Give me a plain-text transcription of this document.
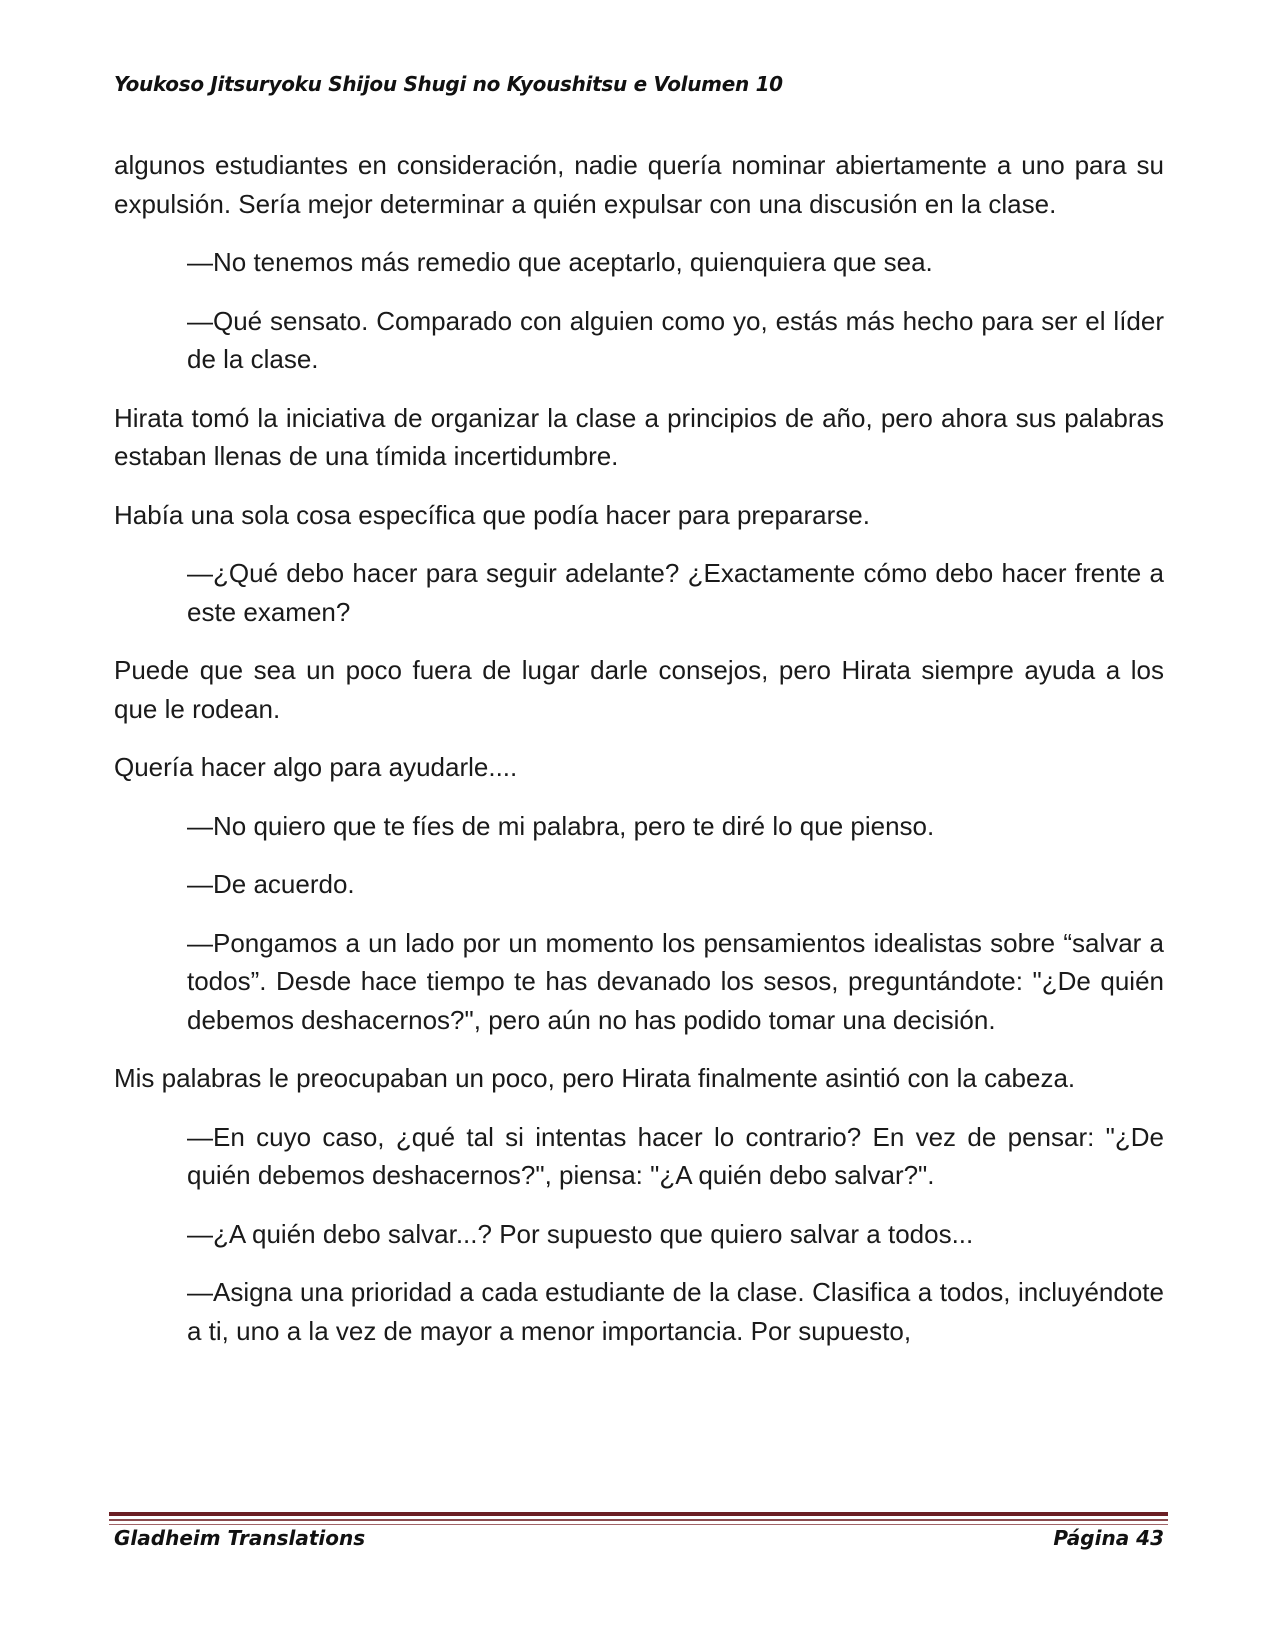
Youkoso Jitsuryoku Shijou Shugi no Kyoushitsu e Volumen 10

algunos estudiantes en consideración, nadie quería nominar abiertamente a uno para su expulsión. Sería mejor determinar a quién expulsar con una discusión en la clase.

—No tenemos más remedio que aceptarlo, quienquiera que sea.

—Qué sensato. Comparado con alguien como yo, estás más hecho para ser el líder de la clase.

Hirata tomó la iniciativa de organizar la clase a principios de año, pero ahora sus palabras estaban llenas de una tímida incertidumbre.

Había una sola cosa específica que podía hacer para prepararse.

—¿Qué debo hacer para seguir adelante? ¿Exactamente cómo debo hacer frente a este examen?

Puede que sea un poco fuera de lugar darle consejos, pero Hirata siempre ayuda a los que le rodean.

Quería hacer algo para ayudarle....

—No quiero que te fíes de mi palabra, pero te diré lo que pienso.

—De acuerdo.

—Pongamos a un lado por un momento los pensamientos idealistas sobre “salvar a todos”. Desde hace tiempo te has devanado los sesos, preguntándote: "¿De quién debemos deshacernos?", pero aún no has podido tomar una decisión.

Mis palabras le preocupaban un poco, pero Hirata finalmente asintió con la cabeza.

—En cuyo caso, ¿qué tal si intentas hacer lo contrario? En vez de pensar: "¿De quién debemos deshacernos?", piensa: "¿A quién debo salvar?".

—¿A quién debo salvar...? Por supuesto que quiero salvar a todos...

—Asigna una prioridad a cada estudiante de la clase. Clasifica a todos, incluyéndote a ti, uno a la vez de mayor a menor importancia. Por supuesto,

Gladheim Translations	Página 43
